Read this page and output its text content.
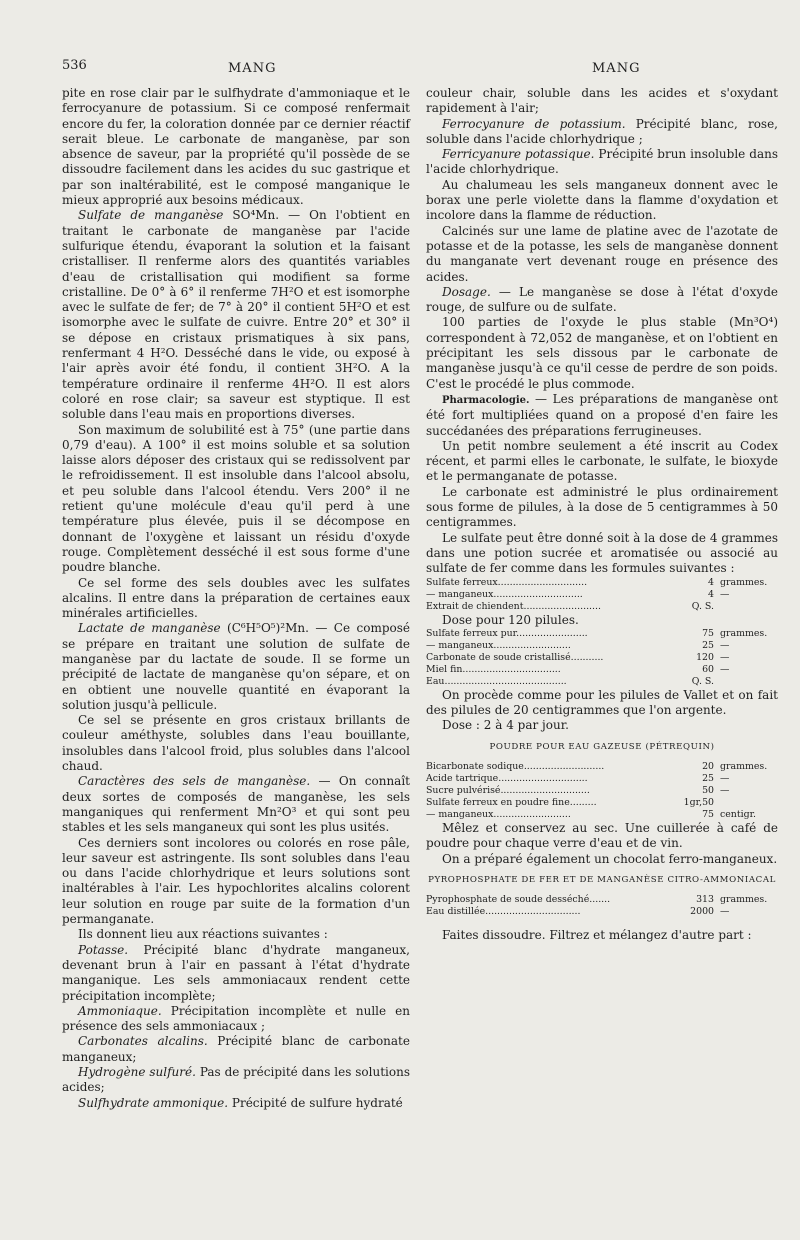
536	MANG	MANG

pite en rose clair par le sulfhydrate d'ammoniaque et le ferrocyanure de potassium. Si ce composé renfermait encore du fer, la coloration donnée par ce dernier réactif serait bleue. Le carbonate de manganèse, par son absence de saveur, par la propriété qu'il possède de se dissoudre facilement dans les acides du suc gastrique et par son inaltérabilité, est le composé manganique le mieux approprié aux besoins médicaux.

Sulfate de manganèse SO⁴Mn. — On l'obtient en traitant le carbonate de manganèse par l'acide sulfurique étendu, évaporant la solution et la faisant cristalliser. Il renferme alors des quantités variables d'eau de cristallisation qui modifient sa forme cristalline. De 0° à 6° il renferme 7H²O et est isomorphe avec le sulfate de fer; de 7° à 20° il contient 5H²O et est isomorphe avec le sulfate de cuivre. Entre 20° et 30° il se dépose en cristaux prismatiques à six pans, renfermant 4 H²O. Desséché dans le vide, ou exposé à l'air après avoir été fondu, il contient 3H²O. A la température ordinaire il renferme 4H²O. Il est alors coloré en rose clair; sa saveur est styptique. Il est soluble dans l'eau mais en proportions diverses.

Son maximum de solubilité est à 75° (une partie dans 0,79 d'eau). A 100° il est moins soluble et sa solution laisse alors déposer des cristaux qui se redissolvent par le refroidissement. Il est insoluble dans l'alcool absolu, et peu soluble dans l'alcool étendu. Vers 200° il ne retient qu'une molécule d'eau qu'il perd à une température plus élevée, puis il se décompose en donnant de l'oxygène et laissant un résidu d'oxyde rouge. Complètement desséché il est sous forme d'une poudre blanche.

Ce sel forme des sels doubles avec les sulfates alcalins. Il entre dans la préparation de certaines eaux minérales artificielles.

Lactate de manganèse (C⁶H⁵O⁵)²Mn. — Ce composé se prépare en traitant une solution de sulfate de manganèse par du lactate de soude. Il se forme un précipité de lactate de manganèse qu'on sépare, et on en obtient une nouvelle quantité en évaporant la solution jusqu'à pellicule.

Ce sel se présente en gros cristaux brillants de couleur améthyste, solubles dans l'eau bouillante, insolubles dans l'alcool froid, plus solubles dans l'alcool chaud.

Caractères des sels de manganèse. — On connaît deux sortes de composés de manganèse, les sels manganiques qui renferment Mn²O³ et qui sont peu stables et les sels manganeux qui sont les plus usités.

Ces derniers sont incolores ou colorés en rose pâle, leur saveur est astringente. Ils sont solubles dans l'eau ou dans l'acide chlorhydrique et leurs solutions sont inaltérables à l'air. Les hypochlorites alcalins colorent leur solution en rouge par suite de la formation d'un permanganate.

Ils donnent lieu aux réactions suivantes :

Potasse. Précipité blanc d'hydrate manganeux, devenant brun à l'air en passant à l'état d'hydrate manganique. Les sels ammoniacaux rendent cette précipitation incomplète;

Ammoniaque. Précipitation incomplète et nulle en présence des sels ammoniacaux ;

Carbonates alcalins. Précipité blanc de carbonate manganeux;

Hydrogène sulfuré. Pas de précipité dans les solutions acides;

Sulfhydrate ammonique. Précipité de sulfure hydraté

couleur chair, soluble dans les acides et s'oxydant rapidement à l'air;

Ferrocyanure de potassium. Précipité blanc, rose, soluble dans l'acide chlorhydrique ;

Ferricyanure potassique. Précipité brun insoluble dans l'acide chlorhydrique.

Au chalumeau les sels manganeux donnent avec le borax une perle violette dans la flamme d'oxydation et incolore dans la flamme de réduction.

Calcinés sur une lame de platine avec de l'azotate de potasse et de la potasse, les sels de manganèse donnent du manganate vert devenant rouge en présence des acides.

Dosage. — Le manganèse se dose à l'état d'oxyde rouge, de sulfure ou de sulfate.

100 parties de l'oxyde le plus stable (Mn³O⁴) correspondent à 72,052 de manganèse, et on l'obtient en précipitant les sels dissous par le carbonate de manganèse jusqu'à ce qu'il cesse de perdre de son poids. C'est le procédé le plus commode.

Pharmacologie. — Les préparations de manganèse ont été fort multipliées quand on a proposé d'en faire les succédanées des préparations ferrugineuses.

Un petit nombre seulement a été inscrit au Codex récent, et parmi elles le carbonate, le sulfate, le bioxyde et le permanganate de potasse.

Le carbonate est administré le plus ordinairement sous forme de pilules, à la dose de 5 centigrammes à 50 centigrammes.

Le sulfate peut être donné soit à la dose de 4 grammes dans une potion sucrée et aromatisée ou associé au sulfate de fer comme dans les formules suivantes :

Sulfate ferreux..............................	4	grammes.
— manganeux..............................	4	—
Extrait de chiendent..........................	Q. S.	

Dose pour 120 pilules.

Sulfate ferreux pur........................	75	grammes.
— manganeux..........................	25	—
Carbonate de soude cristallisé...........	120	—
Miel fin.................................	60	—
Eau.........................................	Q. S.	

On procède comme pour les pilules de Vallet et on fait des pilules de 20 centigrammes que l'on argente.

Dose : 2 à 4 par jour.

POUDRE POUR EAU GAZEUSE (PÉTREQUIN)
Bicarbonate sodique...........................	20	grammes.
Acide tartrique..............................	25	—
Sucre pulvérisé..............................	50	—
Sulfate ferreux en poudre fine.........	1gr,50	
— manganeux..........................	75	centigr.

Mêlez et conservez au sec. Une cuillerée à café de poudre pour chaque verre d'eau et de vin.

On a préparé également un chocolat ferro-manganeux.

PYROPHOSPHATE DE FER ET DE MANGANÈSE CITRO-AMMONIACAL
Pyrophosphate de soude desséché.......	313	grammes.
Eau distillée................................	2000	—

Faites dissoudre. Filtrez et mélangez d'autre part :
